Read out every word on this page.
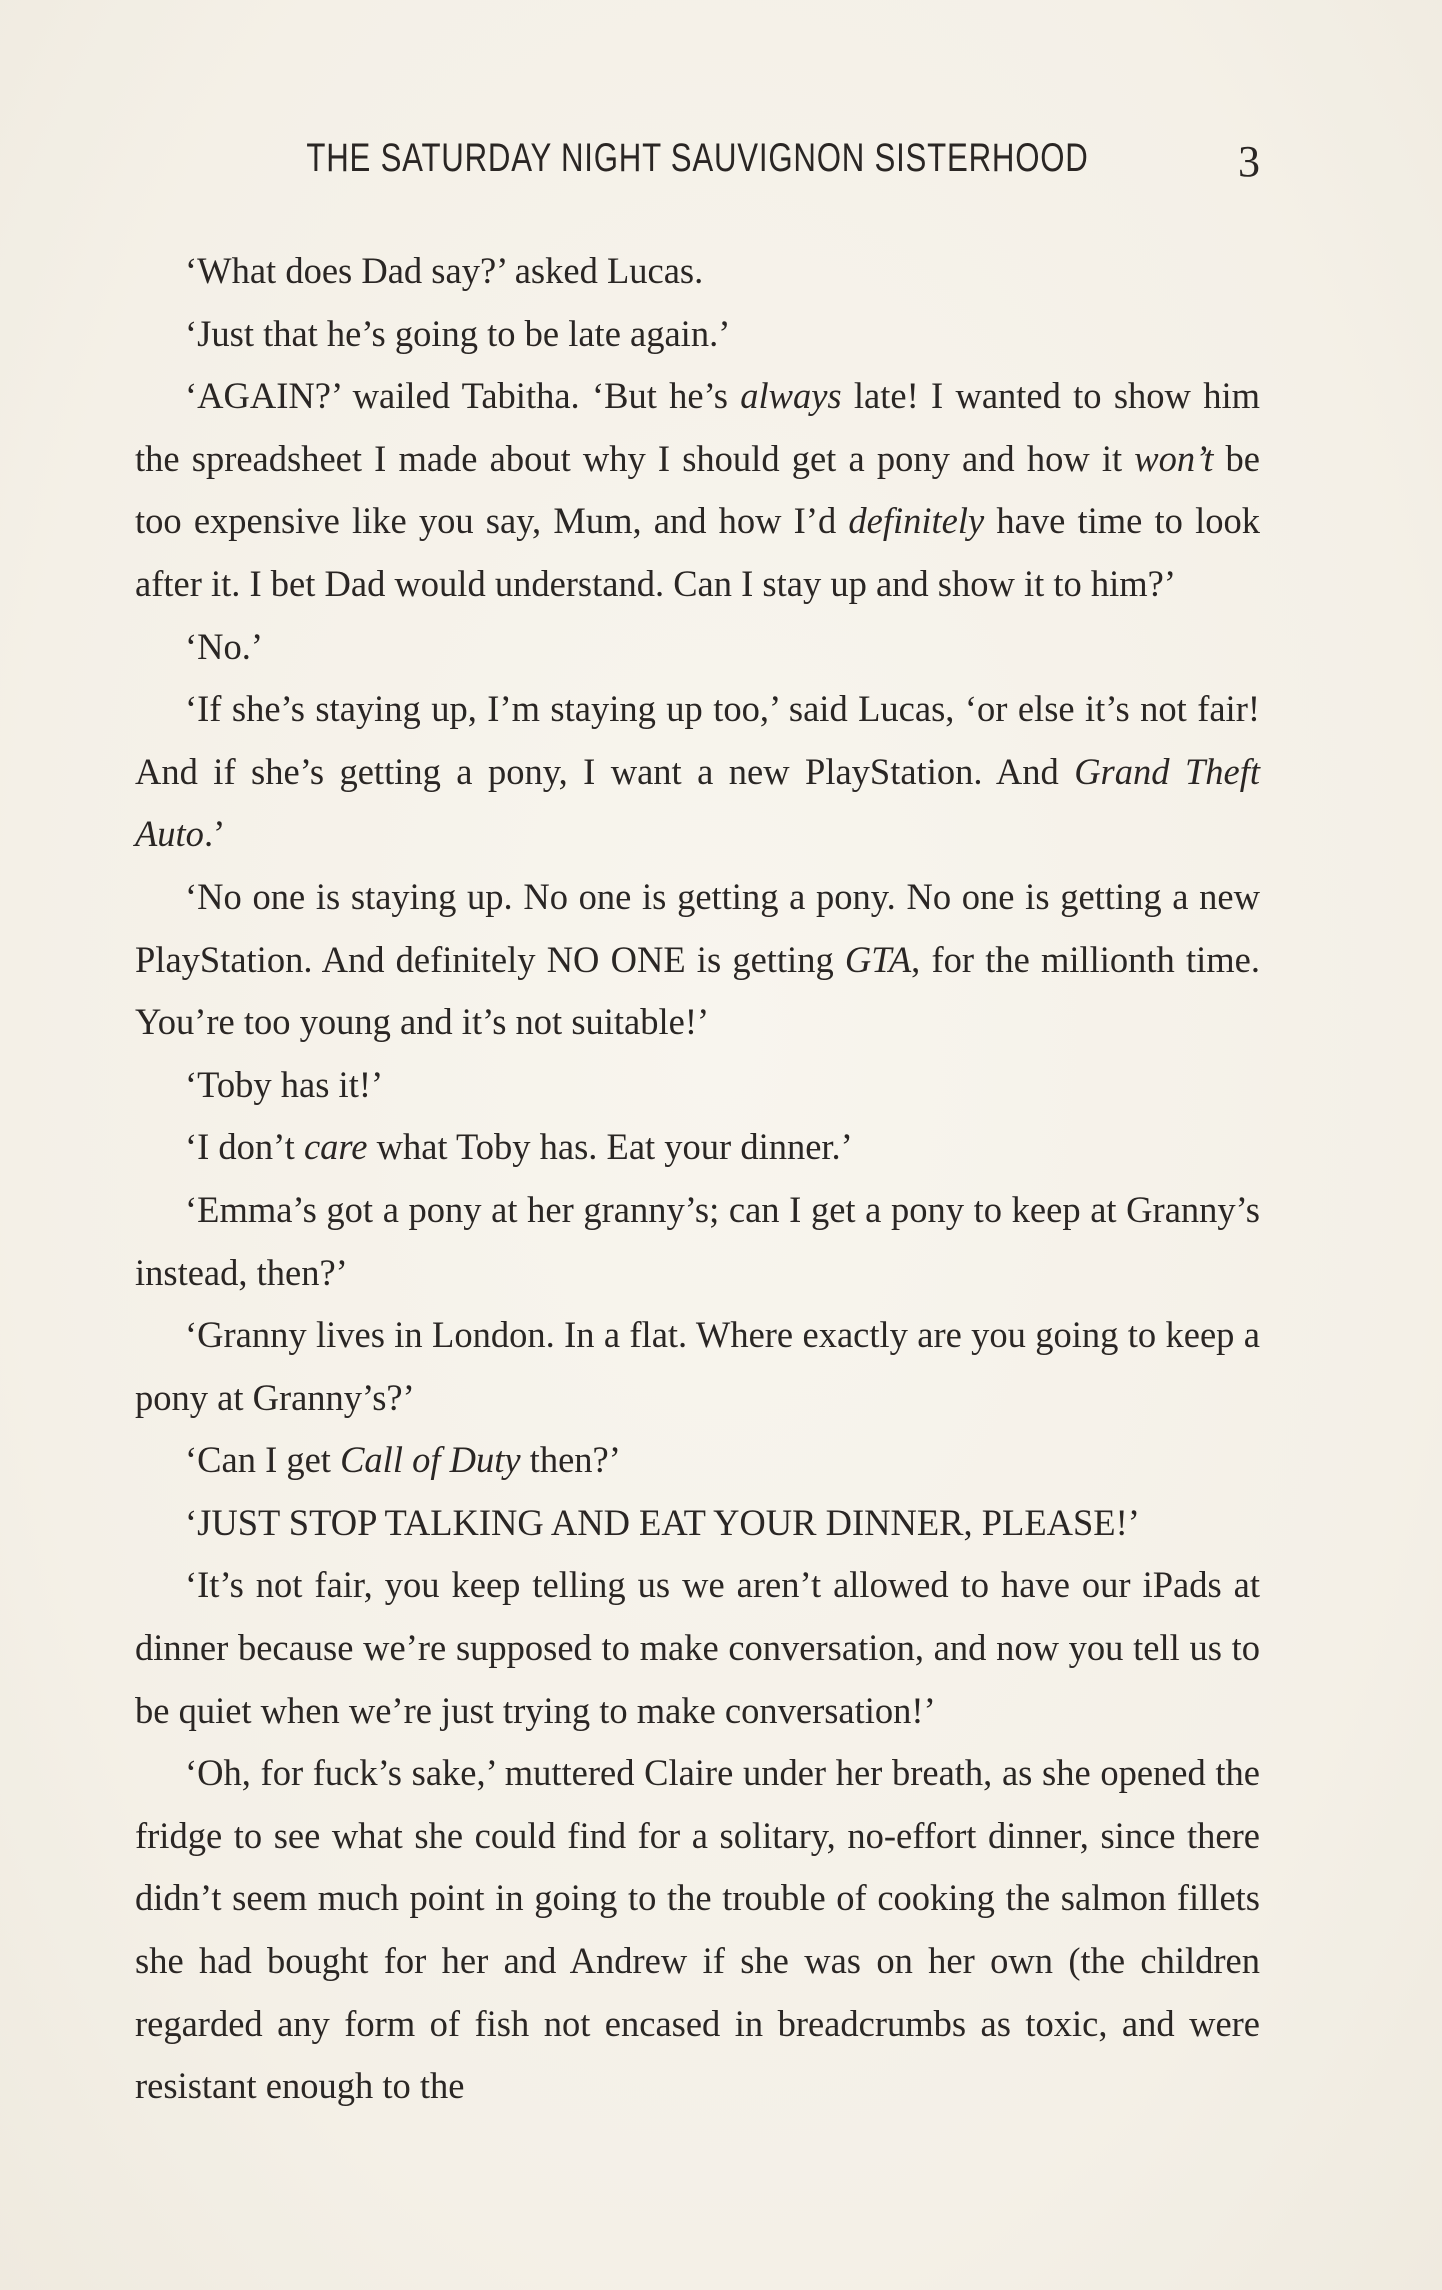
THE SATURDAY NIGHT SAUVIGNON SISTERHOOD	3

‘What does Dad say?’ asked Lucas.

‘Just that he’s going to be late again.’

‘AGAIN?’ wailed Tabitha. ‘But he’s always late! I wanted to show him the spreadsheet I made about why I should get a pony and how it won’t be too expensive like you say, Mum, and how I’d definitely have time to look after it. I bet Dad would understand. Can I stay up and show it to him?’

‘No.’

‘If she’s staying up, I’m staying up too,’ said Lucas, ‘or else it’s not fair! And if she’s getting a pony, I want a new PlayStation. And Grand Theft Auto.’

‘No one is staying up. No one is getting a pony. No one is getting a new PlayStation. And definitely NO ONE is getting GTA, for the millionth time. You’re too young and it’s not suitable!’

‘Toby has it!’

‘I don’t care what Toby has. Eat your dinner.’

‘Emma’s got a pony at her granny’s; can I get a pony to keep at Granny’s instead, then?’

‘Granny lives in London. In a flat. Where exactly are you going to keep a pony at Granny’s?’

‘Can I get Call of Duty then?’

‘JUST STOP TALKING AND EAT YOUR DINNER, PLEASE!’

‘It’s not fair, you keep telling us we aren’t allowed to have our iPads at dinner because we’re supposed to make conversation, and now you tell us to be quiet when we’re just trying to make conversation!’

‘Oh, for fuck’s sake,’ muttered Claire under her breath, as she opened the fridge to see what she could find for a solitary, no-effort dinner, since there didn’t seem much point in going to the trouble of cooking the salmon fillets she had bought for her and Andrew if she was on her own (the children regarded any form of fish not encased in breadcrumbs as toxic, and were resistant enough to the
